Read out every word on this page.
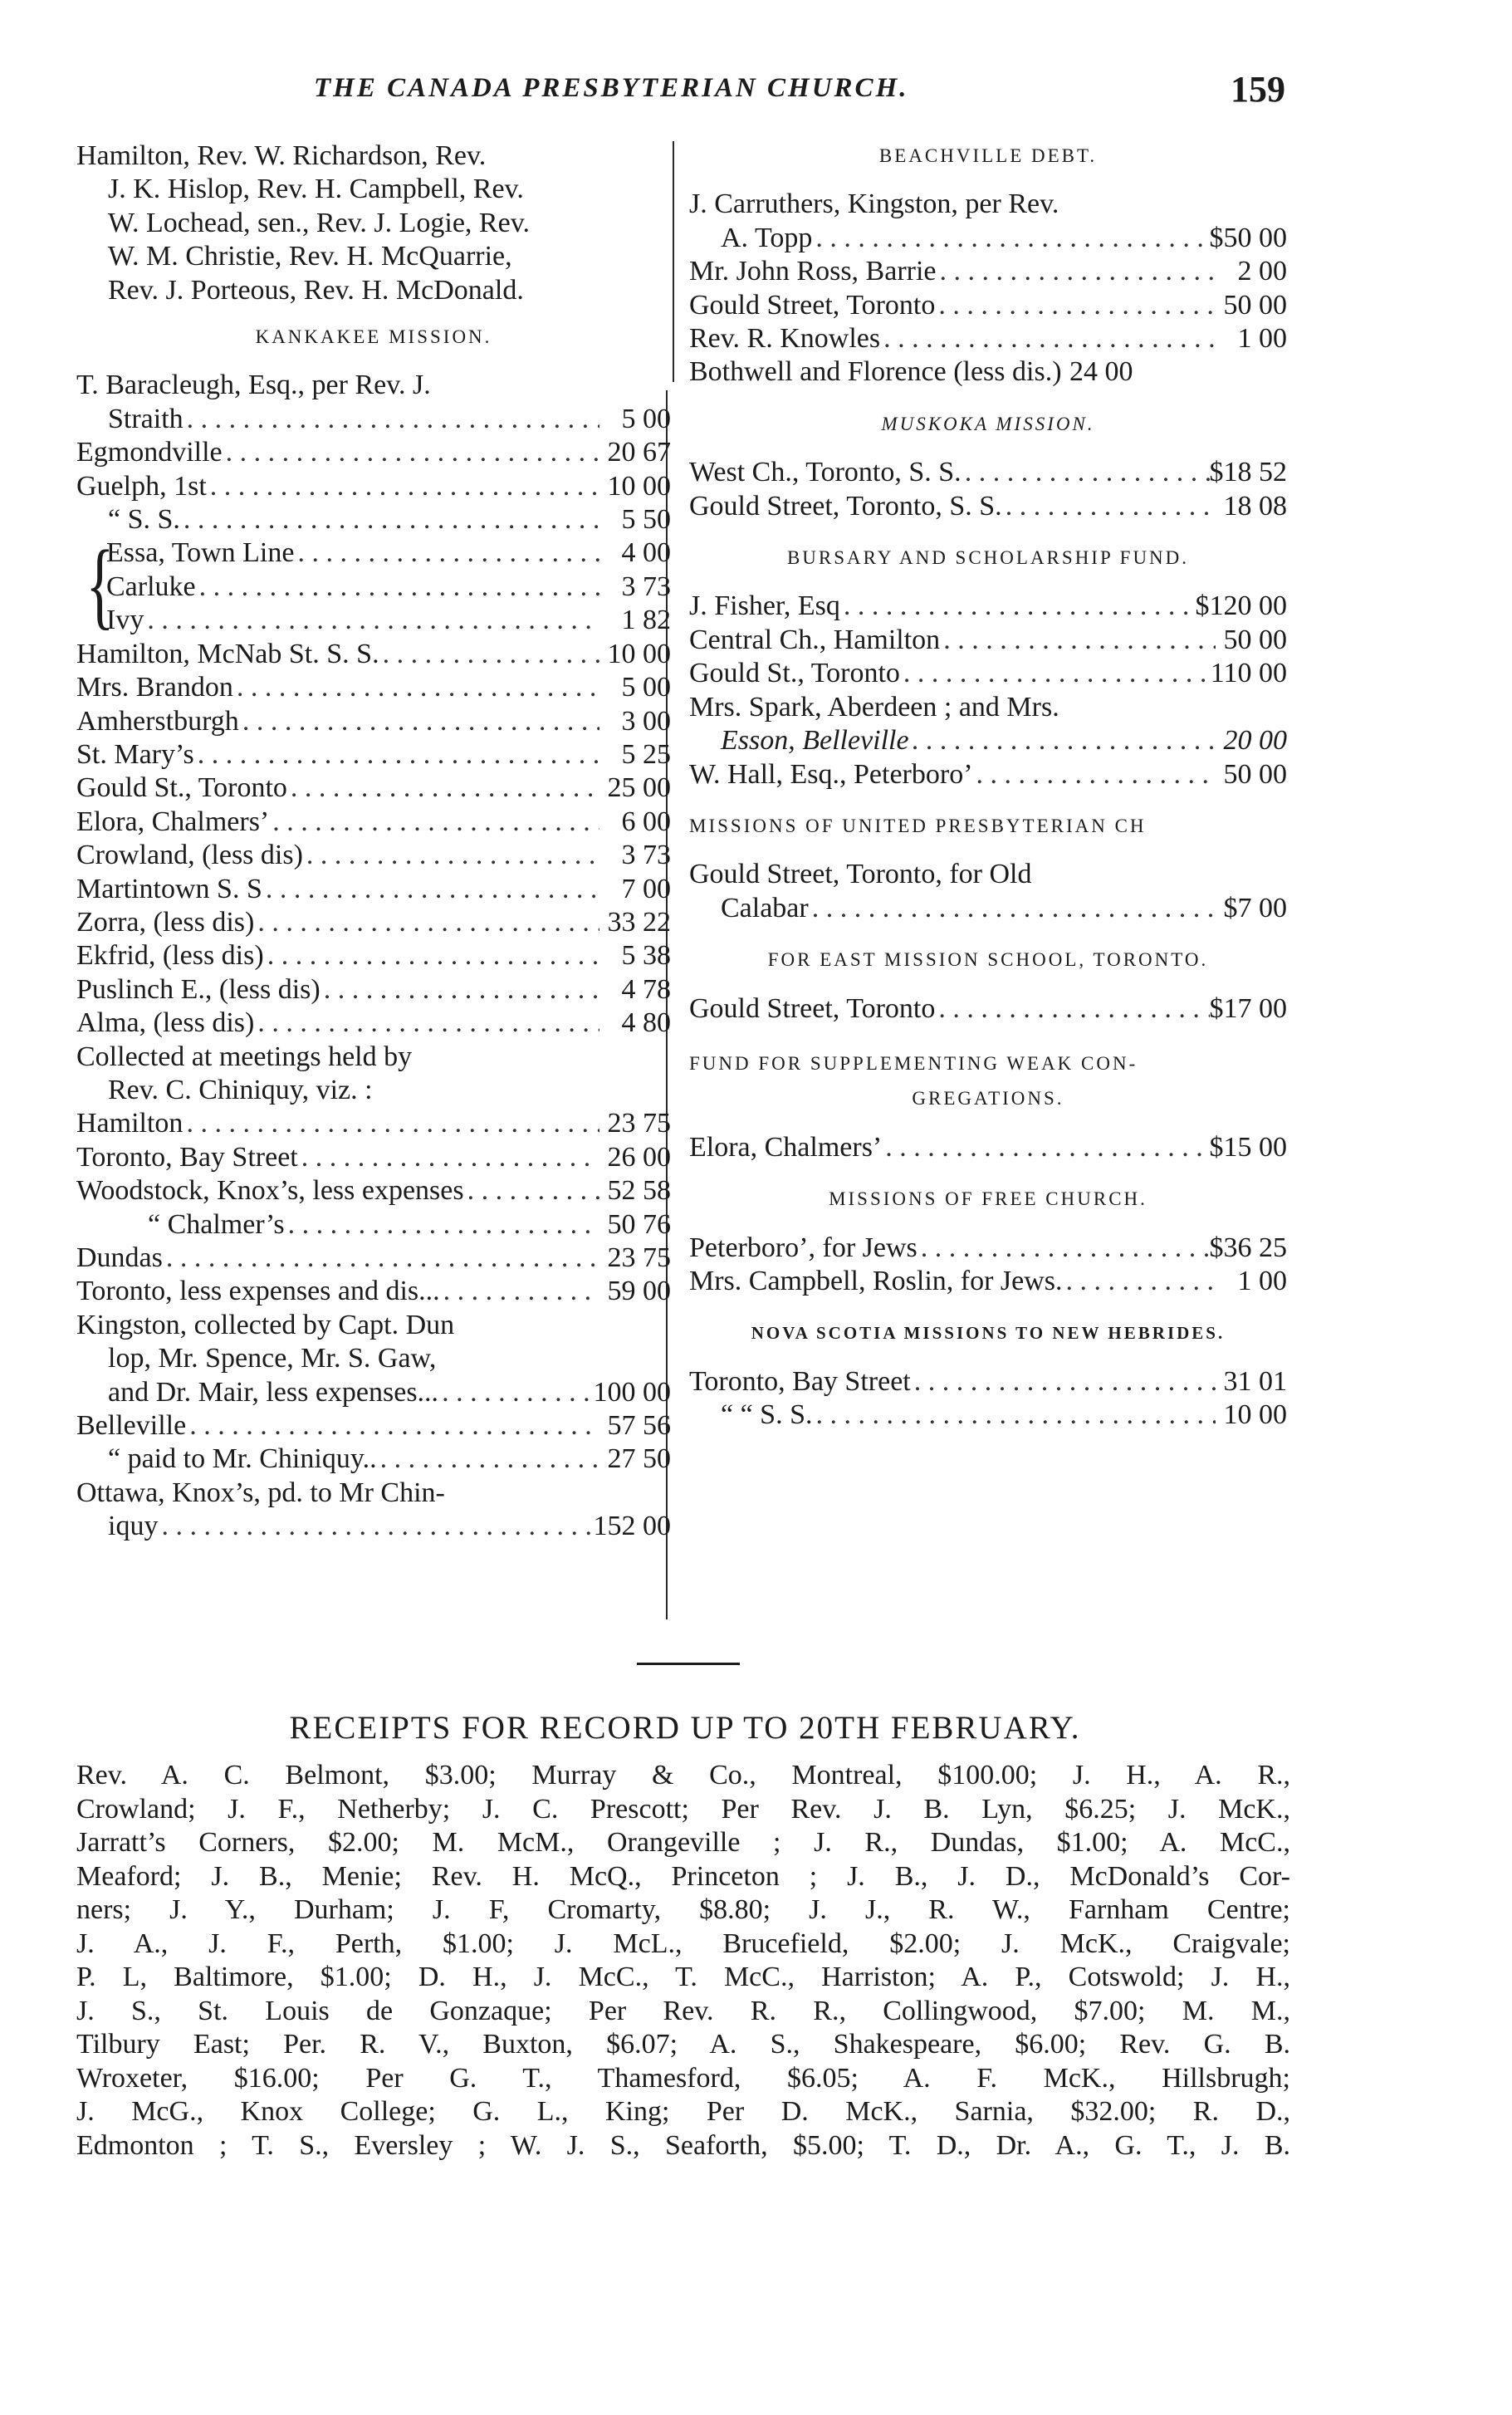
THE CANADA PRESBYTERIAN CHURCH.	159
Hamilton, Rev. W. Richardson, Rev.
J. K. Hislop, Rev. H. Campbell, Rev.
W. Lochead, sen., Rev. J. Logie, Rev.
W. M. Christie, Rev. H. McQuarrie,
Rev. J. Porteous, Rev. H. McDonald.
KANKAKEE MISSION.
T. Baracleugh, Esq., per Rev. J.
Straith . . .	5 00
Egmondville . . .	20 67
Guelph, 1st . . .	10 00
“ S. S. . . .	5 50
{
Essa, Town Line . . .	4 00
Carluke . . .	3 73
Ivy . . .	1 82
Hamilton, McNab St. S. S. . . .	10 00
Mrs. Brandon . . .	5 00
Amherstburgh . . .	3 00
St. Mary’s . . .	5 25
Gould St., Toronto . . .	25 00
Elora, Chalmers’ . . .	6 00
Crowland, (less dis) . . .	3 73
Martintown S. S . . .	7 00
Zorra, (less dis) . . .	33 22
Ekfrid, (less dis) . . .	5 38
Puslinch E., (less dis) . . .	4 78
Alma, (less dis) . . .	4 80
Collected at meetings held by
Rev. C. Chiniquy, viz. :
Hamilton . . .	23 75
Toronto, Bay Street . . .	26 00
Woodstock, Knox’s, less expenses . . .	52 58
“ Chalmer’s . . .	50 76
Dundas . . .	23 75
Toronto, less expenses and dis... . . .	59 00
Kingston, collected by Capt. Dun
lop, Mr. Spence, Mr. S. Gaw,
and Dr. Mair, less expenses... . . .	100 00
Belleville . . .	57 56
“ paid to Mr. Chiniquy.. . . .	27 50
Ottawa, Knox’s, pd. to Mr Chin-
iquy . . .	152 00
BEACHVILLE DEBT.
J. Carruthers, Kingston, per Rev.
A. Topp . . .	$50 00
Mr. John Ross, Barrie . . .	2 00
Gould Street, Toronto . . .	50 00
Rev. R. Knowles . . .	1 00
Bothwell and Florence (less dis.) 24 00
MUSKOKA MISSION.
West Ch., Toronto, S. S. . . .	$18 52
Gould Street, Toronto, S. S. . . .	18 08
BURSARY AND SCHOLARSHIP FUND.
J. Fisher, Esq . . .	$120 00
Central Ch., Hamilton . . .	50 00
Gould St., Toronto . . .	110 00
Mrs. Spark, Aberdeen ; and Mrs.
Esson, Belleville . . .	20 00
W. Hall, Esq., Peterboro’ . . .	50 00
MISSIONS OF UNITED PRESBYTERIAN CH
Gould Street, Toronto, for Old
Calabar . . .	$7 00
FOR EAST MISSION SCHOOL, TORONTO.
Gould Street, Toronto . . .	$17 00
FUND FOR SUPPLEMENTING WEAK CON-
GREGATIONS.
Elora, Chalmers’ . . .	$15 00
MISSIONS OF FREE CHURCH.
Peterboro’, for Jews . . .	$36 25
Mrs. Campbell, Roslin, for Jews. . . .	1 00
NOVA SCOTIA MISSIONS TO NEW HEBRIDES.
Toronto, Bay Street . . .	31 01
“ “ S. S. . . .	10 00
RECEIPTS FOR RECORD UP TO 20TH FEBRUARY.
Rev. A. C. Belmont, $3.00; Murray & Co., Montreal, $100.00; J. H., A. R.,
Crowland; J. F., Netherby; J. C. Prescott; Per Rev. J. B. Lyn, $6.25; J. McK.,
Jarratt’s Corners, $2.00; M. McM., Orangeville ; J. R., Dundas, $1.00; A. McC.,
Meaford; J. B., Menie; Rev. H. McQ., Princeton ; J. B., J. D., McDonald’s Cor-
ners; J. Y., Durham; J. F, Cromarty, $8.80; J. J., R. W., Farnham Centre;
J. A., J. F., Perth, $1.00; J. McL., Brucefield, $2.00; J. McK., Craigvale;
P. L, Baltimore, $1.00; D. H., J. McC., T. McC., Harriston; A. P., Cotswold; J. H.,
J. S., St. Louis de Gonzaque; Per Rev. R. R., Collingwood, $7.00; M. M.,
Tilbury East; Per. R. V., Buxton, $6.07; A. S., Shakespeare, $6.00; Rev. G. B.
Wroxeter, $16.00; Per G. T., Thamesford, $6.05; A. F. McK., Hillsbrugh;
J. McG., Knox College; G. L., King; Per D. McK., Sarnia, $32.00; R. D.,
Edmonton ; T. S., Eversley ; W. J. S., Seaforth, $5.00; T. D., Dr. A., G. T., J. B.
